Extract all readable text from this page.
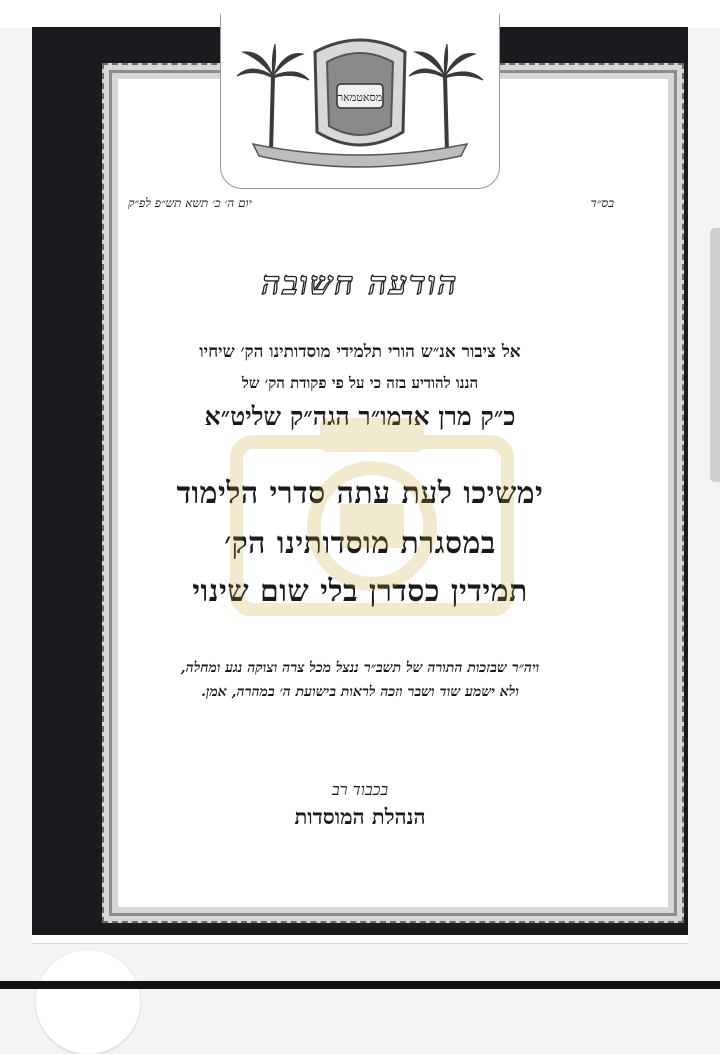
מסאטמאר
בס״ד
יום ה׳ כ׳ תשא תש״פ לפ״ק
הודעה חשובה
אל ציבור אנ״ש הורי תלמידי מוסדותינו הק׳ שיחיו
הננו להודיע בזה כי על פי פקודת הק׳ של
כ״ק מרן אדמו״ר הגה״ק שליט״א
ימשיכו לעת עתה סדרי הלימוד
במסגרת מוסדותינו הק׳
תמידין כסדרן בלי שום שינוי
ויה״ר שבזכות התורה של תשב״ר ננצל מכל צרה וצוקה נגע ומחלה,
ולא ישמע שוד ושבר וזכה לראות בישועת ה׳ במהרה, אמן.
בכבוד רב
הנהלת המוסדות
